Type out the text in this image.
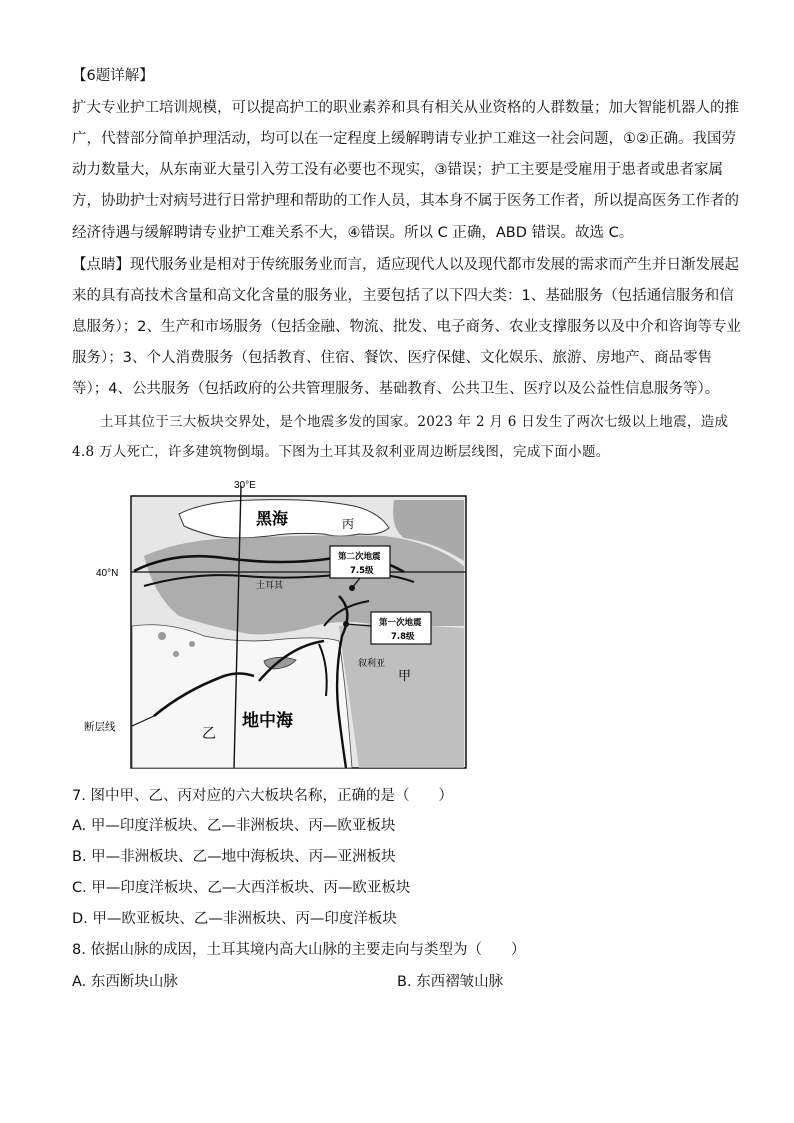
【6题详解】
扩大专业护工培训规模，可以提高护工的职业素养和具有相关从业资格的人群数量；加大智能机器人的推
广，代替部分简单护理活动，均可以在一定程度上缓解聘请专业护工难这一社会问题，①②正确。我国劳
动力数量大，从东南亚大量引入劳工没有必要也不现实，③错误；护工主要是受雇用于患者或患者家属
方，协助护士对病号进行日常护理和帮助的工作人员，其本身不属于医务工作者，所以提高医务工作者的
经济待遇与缓解聘请专业护工难关系不大，④错误。所以 C 正确，ABD 错误。故选 C。
【点睛】现代服务业是相对于传统服务业而言，适应现代人以及现代都市发展的需求而产生并日渐发展起
来的具有高技术含量和高文化含量的服务业，主要包括了以下四大类：1、基础服务（包括通信服务和信
息服务）；2、生产和市场服务（包括金融、物流、批发、电子商务、农业支撑服务以及中介和咨询等专业
服务）；3、个人消费服务（包括教育、住宿、餐饮、医疗保健、文化娱乐、旅游、房地产、商品零售
等）；4、公共服务（包括政府的公共管理服务、基础教育、公共卫生、医疗以及公益性信息服务等）。
土耳其位于三大板块交界处，是个地震多发的国家。2023 年 2 月 6 日发生了两次七级以上地震，造成
4.8 万人死亡，许多建筑物倒塌。下图为土耳其及叙利亚周边断层线图，完成下面小题。
30°E
40°N
黑海	丙
土耳其
叙利亚
甲
乙
地中海
断层线
第二次地震
7.5级
第一次地震
7.8级
7. 图中甲、乙、丙对应的六大板块名称，正确的是（　　）
A. 甲—印度洋板块、乙—非洲板块、丙—欧亚板块
B. 甲—非洲板块、乙—地中海板块、丙—亚洲板块
C. 甲—印度洋板块、乙—大西洋板块、丙—欧亚板块
D. 甲—欧亚板块、乙—非洲板块、丙—印度洋板块
8. 依据山脉的成因，土耳其境内高大山脉的主要走向与类型为（　　）
A. 东西断块山脉	B. 东西褶皱山脉
